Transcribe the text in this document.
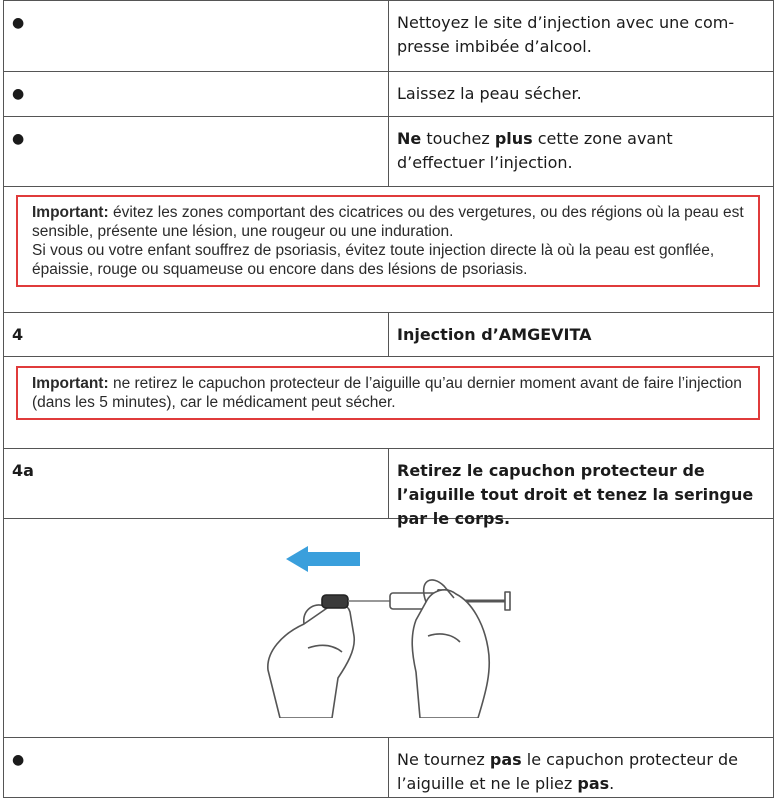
●	Nettoyez le site d’injection avec une com-presse imbibée d’alcool.
●	Laissez la peau sécher.
●	Ne touchez plus cette zone avant d’effectuer l’injection.
Important: évitez les zones comportant des cicatrices ou des vergetures, ou des régions où la peau est sensible, présente une lésion, une rougeur ou une induration.
Si vous ou votre enfant souffrez de psoriasis, évitez toute injection directe là où la peau est gonflée, épaissie, rouge ou squameuse ou encore dans des lésions de psoriasis.
4	Injection d’AMGEVITA
Important: ne retirez le capuchon protecteur de l’aiguille qu’au dernier moment avant de faire l’injection (dans les 5 minutes), car le médicament peut sécher.
4a	Retirez le capuchon protecteur de l’aiguille tout droit et tenez la seringue par le corps.
●	Ne tournez pas le capuchon protecteur de l’aiguille et ne le pliez pas.
